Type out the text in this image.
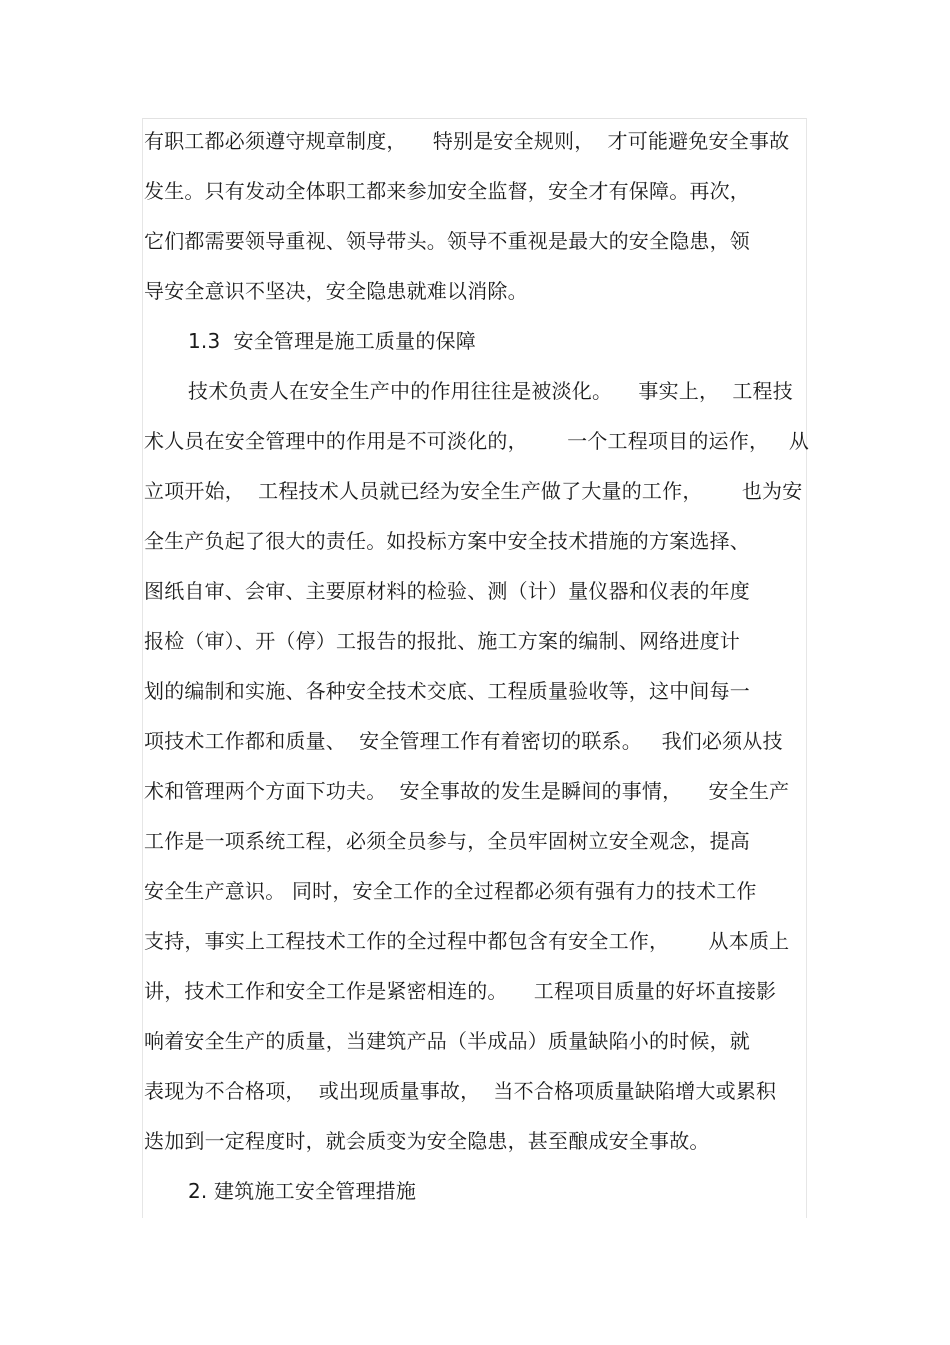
有职工都必须遵守规章制度，    特别是安全规则，  才可能避免安全事故
发生。只有发动全体职工都来参加安全监督，安全才有保障。再次，
它们都需要领导重视、领导带头。领导不重视是最大的安全隐患，领
导安全意识不坚决，安全隐患就难以消除。
1.3  安全管理是施工质量的保障
技术负责人在安全生产中的作用往往是被淡化。    事实上，  工程技
术人员在安全管理中的作用是不可淡化的，      一个工程项目的运作，   从
立项开始，  工程技术人员就已经为安全生产做了大量的工作，      也为安
全生产负起了很大的责任。如投标方案中安全技术措施的方案选择、
图纸自审、会审、主要原材料的检验、测（计）量仪器和仪表的年度
报检（审）、开（停）工报告的报批、施工方案的编制、网络进度计
划的编制和实施、各种安全技术交底、工程质量验收等，这中间每一
项技术工作都和质量、  安全管理工作有着密切的联系。   我们必须从技
术和管理两个方面下功夫。  安全事故的发生是瞬间的事情，    安全生产
工作是一项系统工程，必须全员参与，全员牢固树立安全观念，提高
安全生产意识。 同时，安全工作的全过程都必须有强有力的技术工作
支持，事实上工程技术工作的全过程中都包含有安全工作，      从本质上
讲，技术工作和安全工作是紧密相连的。    工程项目质量的好坏直接影
响着安全生产的质量，当建筑产品（半成品）质量缺陷小的时候，就
表现为不合格项，  或出现质量事故，  当不合格项质量缺陷增大或累积
迭加到一定程度时，就会质变为安全隐患，甚至酿成安全事故。
2. 建筑施工安全管理措施
